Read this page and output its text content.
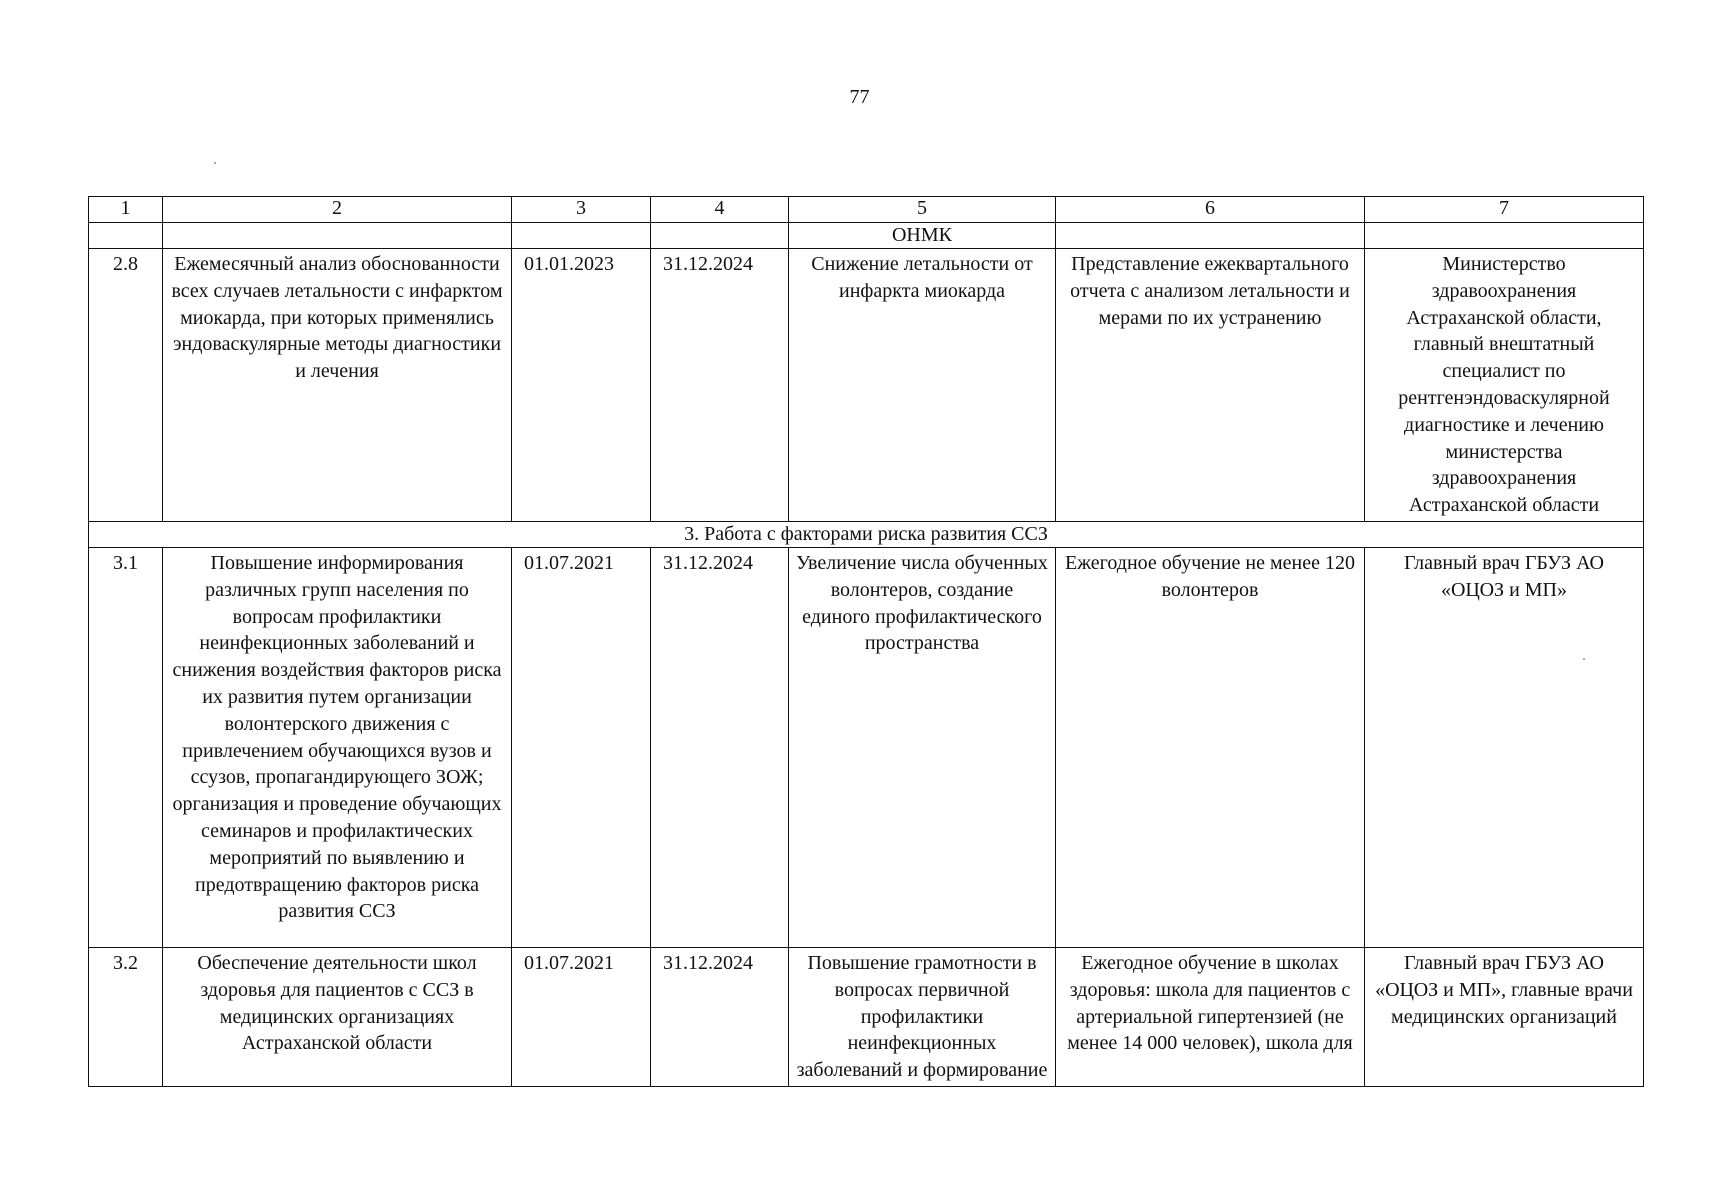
77
1	2	3	4	5	6	7
				ОНМК		
2.8	Ежемесячный анализ обоснованности всех случаев летальности с инфарктом миокарда, при которых применялись эндоваскулярные методы диагностики и лечения	01.01.2023	31.12.2024	Снижение летальности от инфаркта миокарда	Представление ежеквартального отчета с анализом летальности и мерами по их устранению	Министерство здравоохранения Астраханской области, главный внештатный специалист по рентгенэндоваскулярной диагностике и лечению министерства здравоохранения Астраханской области
3. Работа с факторами риска развития ССЗ						
3.1	Повышение информирования различных групп населения по вопросам профилактики неинфекционных заболеваний и снижения воздействия факторов риска их развития путем организации волонтерского движения с привлечением обучающихся вузов и ссузов, пропагандирующего ЗОЖ; организация и проведение обучающих семинаров и профилактических мероприятий по выявлению и предотвращению факторов риска развития ССЗ	01.07.2021	31.12.2024	Увеличение числа обученных волонтеров, создание единого профилактического пространства	Ежегодное обучение не менее 120 волонтеров	Главный врач ГБУЗ АО «ОЦОЗ и МП»
3.2	Обеспечение деятельности школ здоровья для пациентов с ССЗ в медицинских организациях Астраханской области	01.07.2021	31.12.2024	Повышение грамотности в вопросах первичной профилактики неинфекционных заболеваний и формирование	Ежегодное обучение в школах здоровья: школа для пациентов с артериальной гипертензией (не менее 14 000 человек), школа для	Главный врач ГБУЗ АО «ОЦОЗ и МП», главные врачи медицинских организаций
